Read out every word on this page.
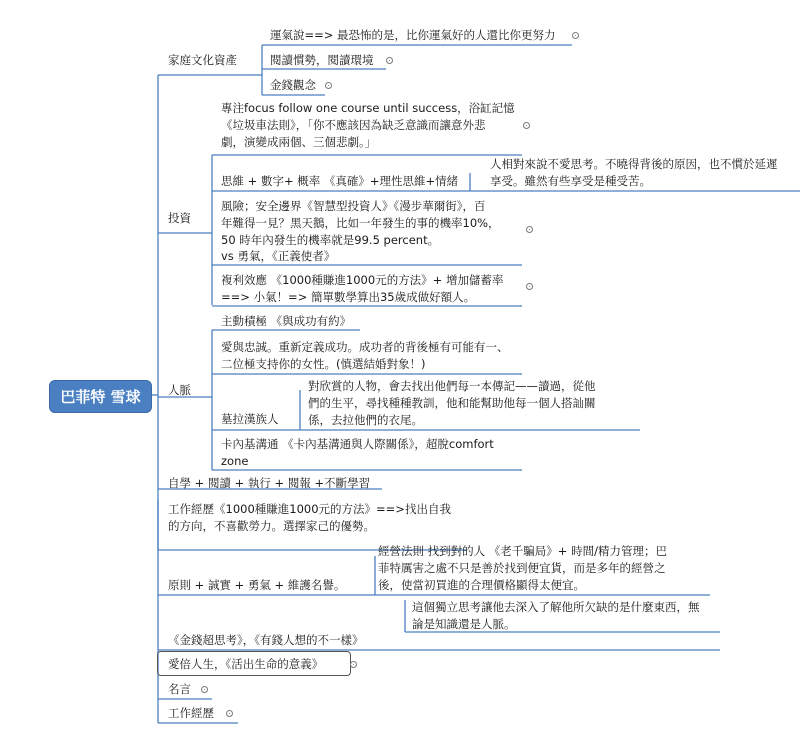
巴菲特 雪球
家庭文化資產
運氣說==> 最恐怖的是，比你運氣好的人還比你更努力
閱讀慣勢，閱讀環境
金錢觀念
投資
專注focus follow one course until success，浴缸記憶
《垃圾車法則》，「你不應該因為缺乏意識而讓意外悲
劇，演變成兩個、三個悲劇。」
思維 + 數字+ 概率 《真確》+理性思維+情緒
人相對來說不愛思考。不曉得背後的原因，也不慣於延遲
享受。雖然有些享受是種受苦。
風險；安全邊界《智慧型投資人》《漫步華爾街》，百
年難得一見？黑天鵝，比如一年發生的事的機率10%，
50 時年內發生的機率就是99.5 percent。
vs 勇氣，《正義使者》
複利效應 《1000種賺進1000元的方法》+ 增加儲蓄率
==> 小氣！=> 簡單數學算出35歲成做好額人。
人脈
主動積極 《與成功有約》
愛與忠誠。重新定義成功。成功者的背後極有可能有一、
二位極支持你的女性。(慎選結婚對象！)
墓拉漢族人
對欣賞的人物，會去找出他們每一本傳記——讀過，從他
們的生平，尋找種種教訓，他和能幫助他每一個人搭訕關
係，去拉他們的衣尾。
卡內基溝通 《卡內基溝通與人際關係》，超脫comfort
zone
自學 + 閱讀 + 執行 + 閱報 +不斷學習
工作經歷《1000種賺進1000元的方法》==>找出自我
的方向，不喜歡勞力。選擇家己的優勢。
原則 + 誠實 + 勇氣 + 維護名譽。
經營法則 找到對的人 《老千騙局》+ 時間/精力管理；巴
菲特厲害之處不只是善於找到便宜貨，而是多年的經營之
後，使當初買進的合理價格顯得太便宜。
《金錢超思考》，《有錢人想的不一樣》
這個獨立思考讓他去深入了解他所欠缺的是什麼東西，無
論是知識還是人脈。
愛倍人生，《活出生命的意義》
名言
工作經歷
